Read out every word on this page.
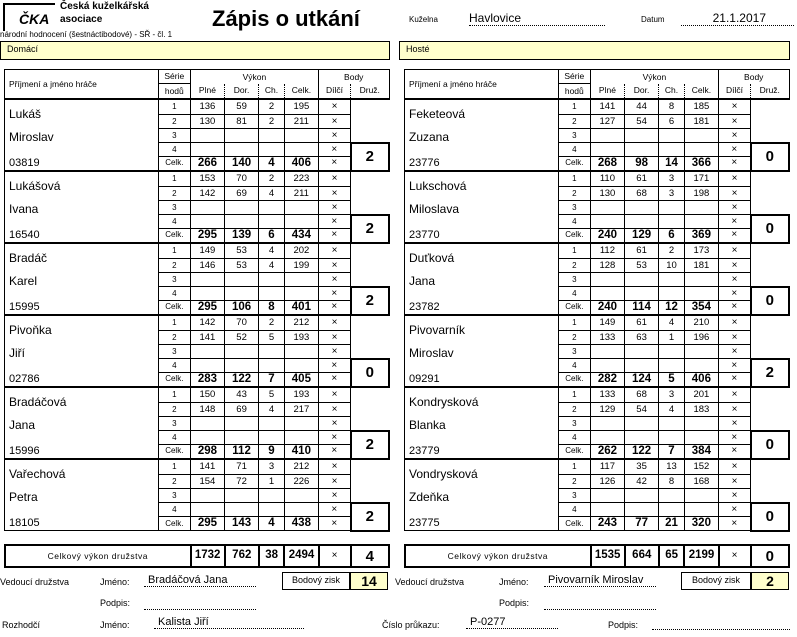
ČKA
Česká kuželkářská
asociace	Zápis o utkání	Kuželna	Havlovice	Datum	21.1.2017
národní hodnocení (šestnáctibodové) - SŘ - čl. 1
Domácí	Hosté
Příjmení a jméno hráče	Série	Výkon				Body	
	hodů	Plné	Dor.	Ch.	Celk.	Dílčí	Druž.
Lukáš	1	136	59	2	195	×	
	2	130	81	2	211	×	
Miroslav	3					×	
	4					×	2
03819	Celk.	266	140	4	406	×	
Lukášová	1	153	70	2	223	×	
	2	142	69	4	211	×	
Ivana	3					×	
	4					×	2
16540	Celk.	295	139	6	434	×	
Bradáč	1	149	53	4	202	×	
	2	146	53	4	199	×	
Karel	3					×	
	4					×	2
15995	Celk.	295	106	8	401	×	
Pivoňka	1	142	70	2	212	×	
	2	141	52	5	193	×	
Jiří	3					×	
	4					×	0
02786	Celk.	283	122	7	405	×	
Bradáčová	1	150	43	5	193	×	
	2	148	69	4	217	×	
Jana	3					×	
	4					×	2
15996	Celk.	298	112	9	410	×	
Vařechová	1	141	71	3	212	×	
	2	154	72	1	226	×	
Petra	3					×	
	4					×	2
18105	Celk.	295	143	4	438	×	
Příjmení a jméno hráče	Série	Výkon				Body	
	hodů	Plné	Dor.	Ch.	Celk.	Dílčí	Druž.
Feketeová	1	141	44	8	185	×	
	2	127	54	6	181	×	
Zuzana	3					×	
	4					×	0
23776	Celk.	268	98	14	366	×	
Lukschová	1	110	61	3	171	×	
	2	130	68	3	198	×	
Miloslava	3					×	
	4					×	0
23770	Celk.	240	129	6	369	×	
Duťková	1	112	61	2	173	×	
	2	128	53	10	181	×	
Jana	3					×	
	4					×	0
23782	Celk.	240	114	12	354	×	
Pivovarník	1	149	61	4	210	×	
	2	133	63	1	196	×	
Miroslav	3					×	
	4					×	2
09291	Celk.	282	124	5	406	×	
Kondrysková	1	133	68	3	201	×	
	2	129	54	4	183	×	
Blanka	3					×	
	4					×	0
23779	Celk.	262	122	7	384	×	
Vondrysková	1	117	35	13	152	×	
	2	126	42	8	168	×	
Zdeňka	3					×	
	4					×	0
23775	Celk.	243	77	21	320	×	
Celkový výkon družstva	1732	762	38	2494	×	4	Celkový výkon družstva	1535	664	65	2199	×	0
Vedoucí družstva	Jméno:	Bradáčová Jana	Bodový zisk	14
Podpis:
Vedoucí družstva	Jméno:	Pivovarník Miroslav	Bodový zisk	2
Podpis:
Rozhodčí	Jméno:	Kalista Jiří	Číslo průkazu:	P-0277	Podpis:
